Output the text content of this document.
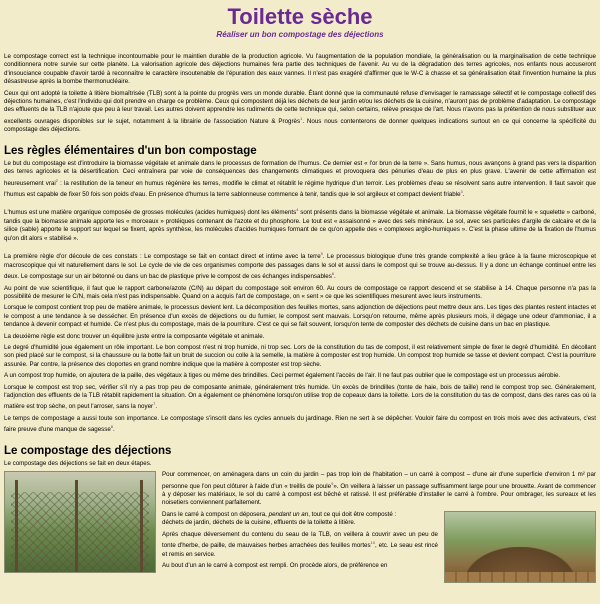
Toilette sèche
Réaliser un bon compostage des déjections

Le compostage correct est la technique incontournable pour le maintien durable de la production agricole. Vu l'augmentation de la population mondiale, la généralisation ou la marginalisation de cette technique conditionnera notre survie sur cette planète. La valorisation agricole des déjections humaines fera partie des techniques de l'avenir. Au vu de la dégradation des terres agricoles, nos enfants nous accuseront d'insouciance coupable d'avoir tardé à reconnaître le caractère insoutenable de l'épuration des eaux vannes. Il n'est pas exagéré d'affirmer que le W-C à chasse et sa généralisation était l'invention humaine la plus désastreuse après la bombe thermonucléaire.

Ceux qui ont adopté la toilette à litière biomaîtrisée (TLB) sont à la pointe du progrès vers un monde durable. Étant donné que la communauté refuse d'envisager le ramassage sélectif et le compostage collectif des déjections humaines, c'est l'individu qui doit prendre en charge ce problème. Ceux qui compostent déjà les déchets de leur jardin et/ou les déchets de la cuisine, n'auront pas de problème d'adaptation. Le compostage des effluents de la TLB n'ajoute que peu à leur travail. Les autres doivent apprendre les rudiments de cette technique qui, selon certains, relève presque de l'art. Nous n'avons pas la prétention de nous substituer aux excellents ouvrages disponibles sur le sujet, notamment à la librairie de l'association Nature & Progrès$^1$. Nous nous contenterons de donner quelques indications surtout en ce qui concerne la spécificité du compostage des déjections.

Les règles élémentaires d'un bon compostage

Le but du compostage est d'introduire la biomasse végétale et animale dans le processus de formation de l'humus. Ce dernier est « l'or brun de la terre ». Sans humus, nous avançons à grand pas vers la disparition des terres agricoles et la désertification. Ceci entraînera par voie de conséquences des changements climatiques et provoquera des pénuries d'eau de plus en plus grave. L'avenir de cette affirmation est heureusement vrai$^2$ : la restitution de la teneur en humus régénère les terres, modifie le climat et rétablit le régime hydrique d'un terroir. Les problèmes d'eau se résolvent sans autre intervention. Il faut savoir que l'humus est capable de fixer 50 fois son poids d'eau. En présence d'humus la terre sablonneuse commence à tenir, tandis que le sol argileux et compact devient friable$^3$.

L'humus est une matière organique composée de grosses molécules (acides humiques) dont les éléments$^4$ sont présents dans la biomasse végétale et animale. La biomasse végétale fournit le « squelette » carboné, tandis que la biomasse animale apporte les « morceaux » protéiques contenant de l'azote et du phosphore. Le tout est « assaisonné » avec des sels minéraux. Le sol, avec ses particules d'argile de calcaire et de la silice (sable) apporte le support sur lequel se fixent, après synthèse, les molécules d'acides humiques formant de ce qu'on appelle des « complexes argilo-humiques ». C'est la phase ultime de la fixation de l'humus qu'on dit alors « stabilisé ».

La première règle d'or découle de ces constats : Le compostage se fait en contact direct et intime avec la terre$^5$. Le processus biologique d'une très grande complexité a lieu grâce à la faune microscopique et macroscopique qui vit naturellement dans le sol. Le cycle de vie de ces organismes comporte des passages dans le sol et aussi dans le compost qui se trouve au-dessus. Il y a donc un échange continuel entre les deux. Le compostage sur un air bétonné ou dans un bac de plastique prive le compost de ces échanges indispensables$^6$.

Au point de vue scientifique, il faut que le rapport carbone/azote (C/N) au départ du compostage soit environ 60. Au cours de compostage ce rapport descend et se stabilise à 14. Chaque personne n'a pas la possibilité de mesurer le C/N, mais cela n'est pas indispensable. Quand on a acquis l'art de compostage, on « sent » ce que les scientifiques mesurent avec leurs instruments.

Lorsque le compost contient trop peu de matière animale, le processus devient lent. La décomposition des feuilles mortes, sans adjonction de déjections peut mettre deux ans. Les tiges des plantes restent intactes et le compost a une tendance à se dessécher. En présence d'un excès de déjections ou du fumier, le compost sent mauvais. Lorsqu'on retourne, même après plusieurs mois, il dégage une odeur d'ammoniac, il a tendance à devenir compact et humide. Ce n'est plus du compostage, mais de la pourriture. C'est ce qui se fait souvent, lorsqu'on tente de composter des déchets de cuisine dans un bac en plastique.

La deuxième règle est donc trouver un équilibre juste entre la composante végétale et animale.

Le degré d'humidité joue également un rôle important. Le bon compost n'est ni trop humide, ni trop sec. Lors de la constitution du tas de compost, il est relativement simple de fixer le degré d'humidité. En décollant son pied placé sur le compost, si la chaussure ou la botte fait un bruit de succion ou colle à la semelle, la matière à composter est trop humide. Un compost trop humide se tasse et devient compact. C'est la pourriture assurée. Par contre, la présence des cloportes en grand nombre indique que la matière à composter est trop sèche.

A un compost trop humide, on ajoutera de la paille, des végétaux à tiges ou même des brindilles. Ceci permet également l'accès de l'air. Il ne faut pas oublier que le compostage est un processus aérobie.

Lorsque le compost est trop sec, vérifier s'il n'y a pas trop peu de composante animale, généralement très humide. Un excès de brindilles (tonte de haie, bois de taille) rend le compost trop sec. Généralement, l'adjonction des effluents de la TLB rétablit rapidement la situation. On a également ce phénomène lorsqu'on utilise trop de copeaux dans la toilette. Lors de la constitution du tas de compost, dans des rares cas où la matière est trop sèche, on peut l'arroser, sans la noyer$^7$.

Le temps de compostage a aussi toute son importance. Le compostage s'inscrit dans les cycles annuels du jardinage. Rien ne sert à se dépêcher. Vouloir faire du compost en trois mois avec des activateurs, c'est faire preuve d'une manque de sagesse$^8$.

Le compostage des déjections

Le compostage des déjections se fait en deux étapes.

Pour commencer, on aménagera dans un coin du jardin – pas trop loin de l'habitation – un carré à compost – d'une air d'une superficie d'environ 1 m² par personne que l'on peut clôturer à l'aide d'un « treillis de poule$^9$». On veillera à laisser un passage suffisamment large pour une brouette. Avant de commencer à y déposer les matériaux, le sol du carré à compost est bêché et ratissé. Il est préférable d'installer le carré à l'ombre. Pour ombrager, les sureaux et les noisetiers conviennent parfaitement.

Dans le carré à compost on déposera, pendant un an, tout ce qui doit être composté :
déchets de jardin, déchets de la cuisine, effluents de la toilette à litière.

Après chaque déversement du contenu du seau de la TLB, on veillera à couvrir avec un peu de tonte d'herbe, de paille, de mauvaises herbes arrachées des feuilles mortes$^{10}$, etc. Le seau est rincé et remis en service.

Au bout d'un an le carré à compost est rempli. On procède alors, de préférence en
